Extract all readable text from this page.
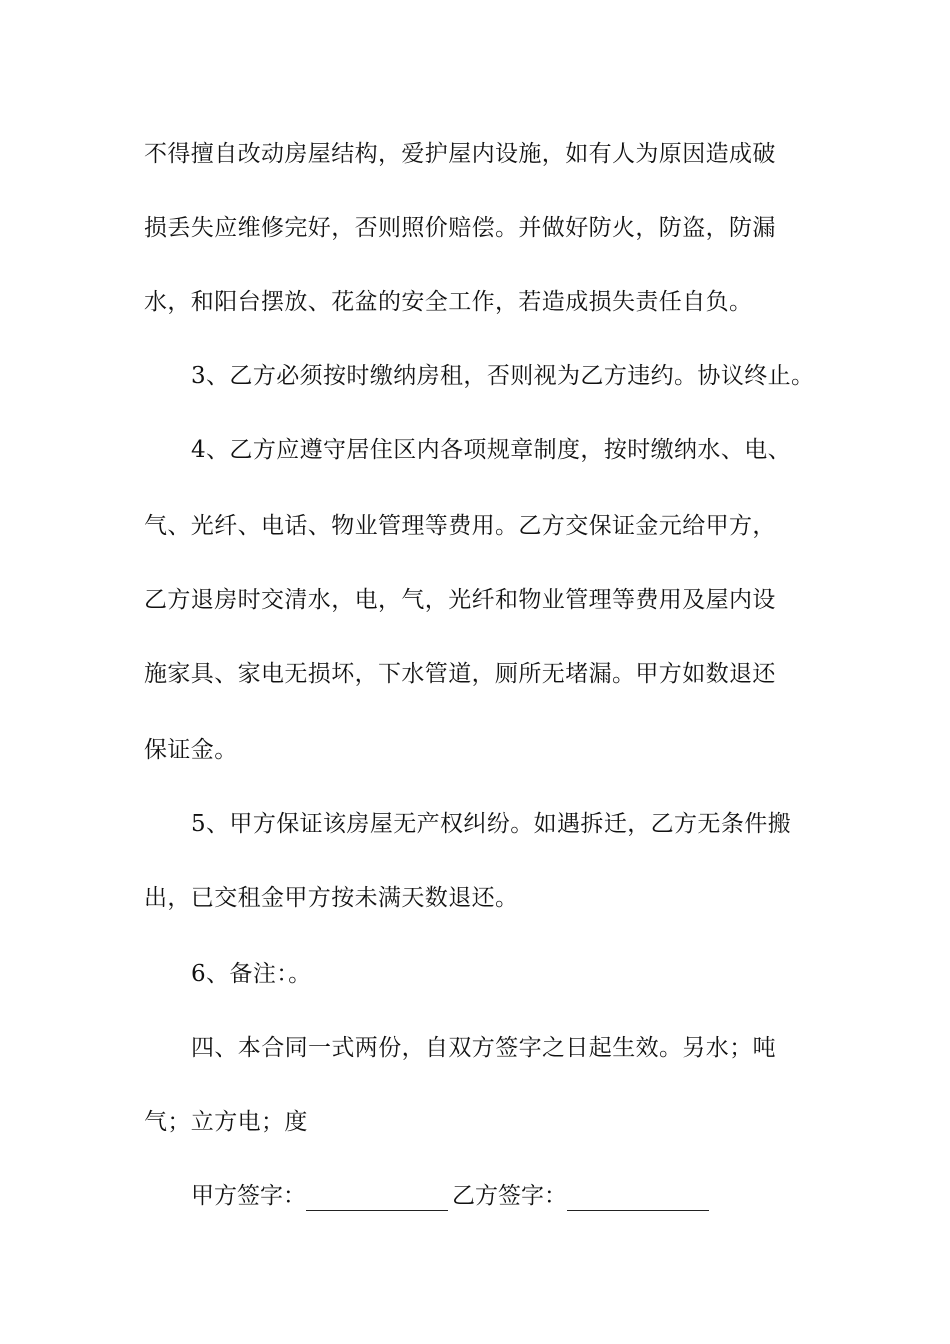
不得擅自改动房屋结构，爱护屋内设施，如有人为原因造成破
损丢失应维修完好，否则照价赔偿。并做好防火，防盗，防漏
水，和阳台摆放、花盆的安全工作，若造成损失责任自负。
3、乙方必须按时缴纳房租，否则视为乙方违约。协议终止。
4、乙方应遵守居住区内各项规章制度，按时缴纳水、电、
气、光纤、电话、物业管理等费用。乙方交保证金元给甲方，
乙方退房时交清水，电，气，光纤和物业管理等费用及屋内设
施家具、家电无损坏，下水管道，厕所无堵漏。甲方如数退还
保证金。
5、甲方保证该房屋无产权纠纷。如遇拆迁，乙方无条件搬
出，已交租金甲方按未满天数退还。
6、备注：。
四、本合同一式两份，自双方签字之日起生效。另水；吨
气；立方电；度
甲方签字：	乙方签字：
